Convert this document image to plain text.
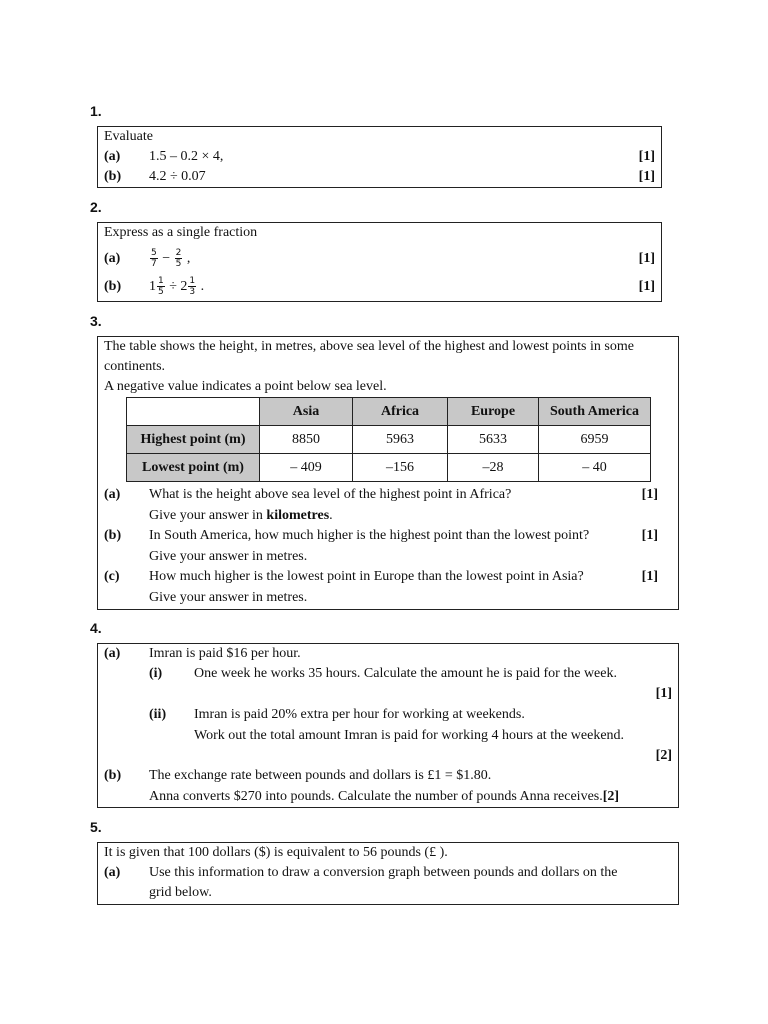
1.
Evaluate
(a) 1.5 – 0.2 × 4,	[1]
(b) 4.2 ÷ 0.07	[1]
2.
Express as a single fraction
(a)	$\frac{5}{7} - \frac{2}{5}$ ,	[1]
(b) $1 \frac{1}{5} \div 2 \frac{1}{3}$ .	[1]
3.
The table shows the height, in metres, above sea level of the highest and lowest points in some
continents.
A negative value indicates a point below sea level.
(a) What is the height above sea level of the highest point in Africa?	[1]
Give your answer in kilometres.
(b) In South America, how much higher is the highest point than the lowest point?	[1]
Give your answer in metres.
(c) How much higher is the lowest point in Europe than the lowest point in Asia?	[1]
Give your answer in metres.
	Asia	Africa	Europe	South America
Highest point (m)	8850	5963	5633	6959
Lowest point (m)	– 409	–156	–28	– 40
4.
(a) Imran is paid $16 per hour.
(i) One week he works 35 hours. Calculate the amount he is paid for the week.
[1]
(ii) Imran is paid 20% extra per hour for working at weekends.
Work out the total amount Imran is paid for working 4 hours at the weekend.
[2]
(b) The exchange rate between pounds and dollars is £1 = $1.80.
Anna converts $270 into pounds. Calculate the number of pounds Anna receives.[2]
5.
It is given that 100 dollars ($) is equivalent to 56 pounds (£ ).
(a) Use this information to draw a conversion graph between pounds and dollars on the
grid below.
